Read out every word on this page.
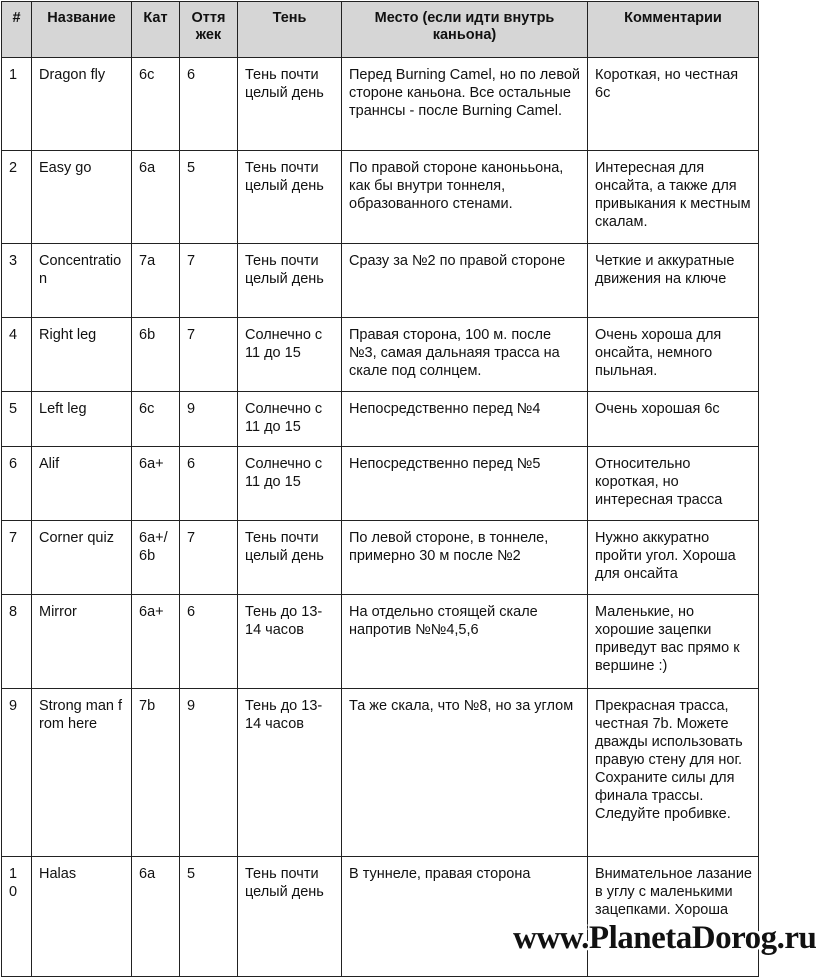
#	Название	Кат	Оття жек	Тень	Место (если идти внутрь каньона)	Комментарии
1	Dragon fly	6c	6	Тень почти целый день	Перед Burning Camel, но по левой стороне каньона. Все остальные траннсы - после Burning Camel.	Короткая, но честная 6c
2	Easy go	6a	5	Тень почти целый день	По правой стороне канонььона, как бы внутри тоннеля, образованного стенами.	Интересная для онсайта, а также для привыкания к местным скалам.
3	Concentration	7a	7	Тень почти целый день	Сразу за №2 по правой стороне	Четкие и аккуратные движения на ключе
4	Right leg	6b	7	Солнечно с 11 до 15	Правая сторона, 100 м. после №3, самая дальнаяя трасса на скале под солнцем.	Очень хороша для онсайта, немного пыльная.
5	Left leg	6c	9	Солнечно с 11 до 15	Непосредственно перед №4	Очень хорошая 6c
6	Alif	6a+	6	Солнечно с 11 до 15	Непосредственно перед №5	Относительно короткая, но интересная трасса
7	Corner quiz	6a+/ 6b	7	Тень почти целый день	По левой стороне, в тоннеле, примерно 30 м после №2	Нужно аккуратно пройти угол. Хороша для онсайта
8	Mirror	6a+	6	Тень до 13-14 часов	На отдельно стоящей скале напротив №№4,5,6	Маленькие, но хорошие зацепки приведут вас прямо к вершине :)
9	Strong man from here	7b	9	Тень до 13-14 часов	Та же скала, что №8, но за углом	Прекрасная трасса, честная 7b. Можете дважды использовать правую стену для ног. Сохраните силы для финала трассы. Следуйте пробивке.
10	Halas	6a	5	Тень почти целый день	В туннеле, правая сторона	Внимательное лазание в углу с маленькими зацепками. Хороша
www.PlanetaDorog.ru
